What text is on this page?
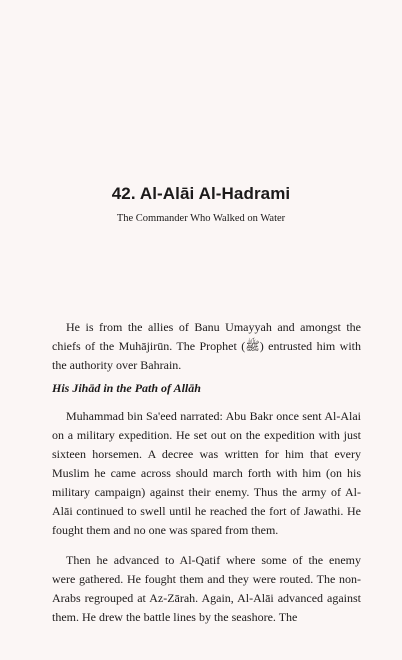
42. Al-Alāi Al-Hadrami
The Commander Who Walked on Water

He is from the allies of Banu Umayyah and amongst the chiefs of the Muhājirūn. The Prophet (ﷺ) entrusted him with the authority over Bahrain.

His Jihād in the Path of Allāh

Muhammad bin Sa'eed narrated: Abu Bakr once sent Al-Alai on a military expedition. He set out on the expedition with just sixteen horsemen. A decree was written for him that every Muslim he came across should march forth with him (on his military campaign) against their enemy. Thus the army of Al-Alāi continued to swell until he reached the fort of Jawathi. He fought them and no one was spared from them.

Then he advanced to Al-Qatif where some of the enemy were gathered. He fought them and they were routed. The non-Arabs regrouped at Az-Zārah. Again, Al-Alāi advanced against them. He drew the battle lines by the seashore. The
